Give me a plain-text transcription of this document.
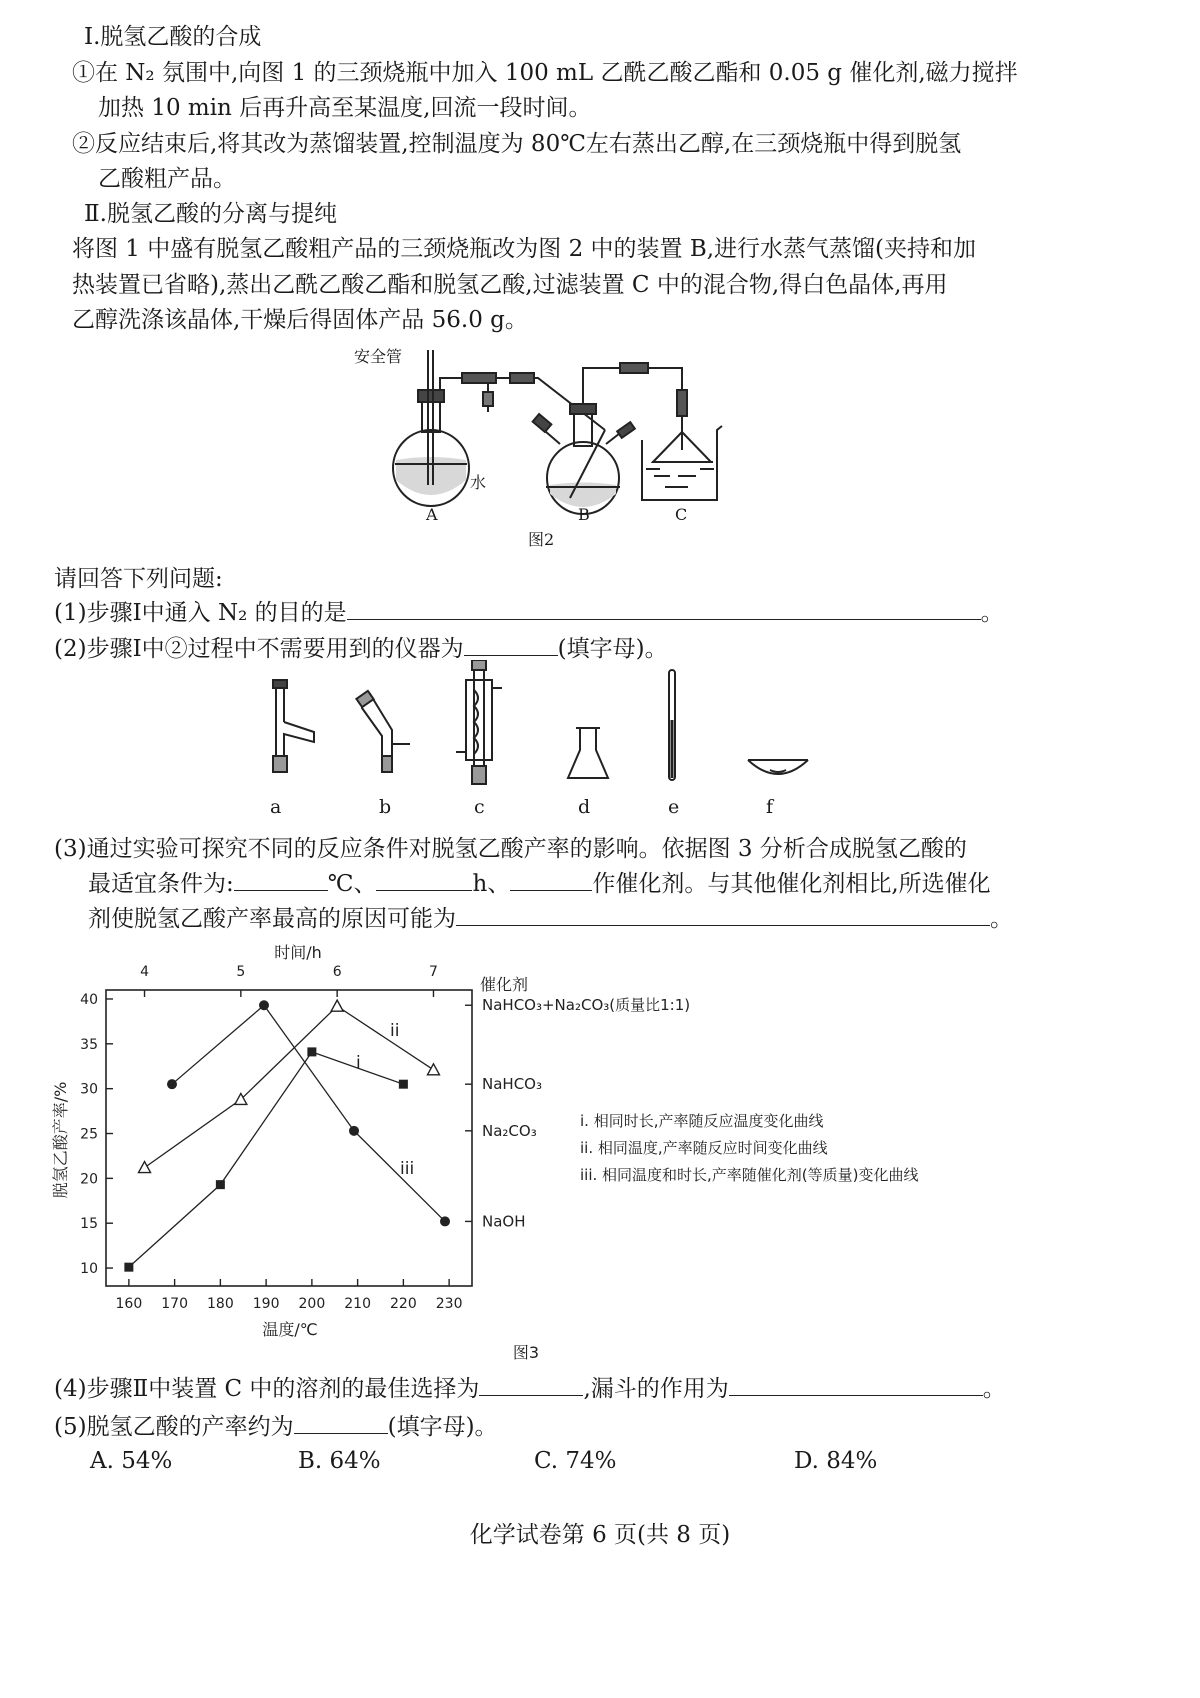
Ⅰ.脱氢乙酸的合成
①在 N₂ 氛围中,向图 1 的三颈烧瓶中加入 100 mL 乙酰乙酸乙酯和 0.05 g 催化剂,磁力搅拌
加热 10 min 后再升高至某温度,回流一段时间。
②反应结束后,将其改为蒸馏装置,控制温度为 80℃左右蒸出乙醇,在三颈烧瓶中得到脱氢
乙酸粗产品。
Ⅱ.脱氢乙酸的分离与提纯
将图 1 中盛有脱氢乙酸粗产品的三颈烧瓶改为图 2 中的装置 B,进行水蒸气蒸馏(夹持和加
热装置已省略),蒸出乙酰乙酸乙酯和脱氢乙酸,过滤装置 C 中的混合物,得白色晶体,再用
乙醇洗涤该晶体,干燥后得固体产品 56.0 g。
安全管
水
A	B	C
图2
请回答下列问题:
(1)步骤Ⅰ中通入 N₂ 的目的是	。
(2)步骤Ⅰ中②过程中不需要用到的仪器为	(填字母)。
a	b	c	d	e	f
(3)通过实验可探究不同的反应条件对脱氢乙酸产率的影响。依据图 3 分析合成脱氢乙酸的
最适宜条件为:	℃、	h、	作催化剂。与其他催化剂相比,所选催化
剂使脱氢乙酸产率最高的原因可能为	。
脱氢乙酸产率/%
时间/h
温度/℃
催化剂
10
15
20
25
30
35
40
160 170 180 190 200 210 220 230
4	5	6	7
NaHCO₃+Na₂CO₃(质量比1:1)
NaHCO₃
Na₂CO₃
NaOH
i
ii
iii
i. 相同时长,产率随反应温度变化曲线
ii. 相同温度,产率随反应时间变化曲线
iii. 相同温度和时长,产率随催化剂(等质量)变化曲线
图3
(4)步骤Ⅱ中装置 C 中的溶剂的最佳选择为	,漏斗的作用为	。
(5)脱氢乙酸的产率约为	(填字母)。
A. 54%	B. 64%	C. 74%	D. 84%
化学试卷第 6 页(共 8 页)
